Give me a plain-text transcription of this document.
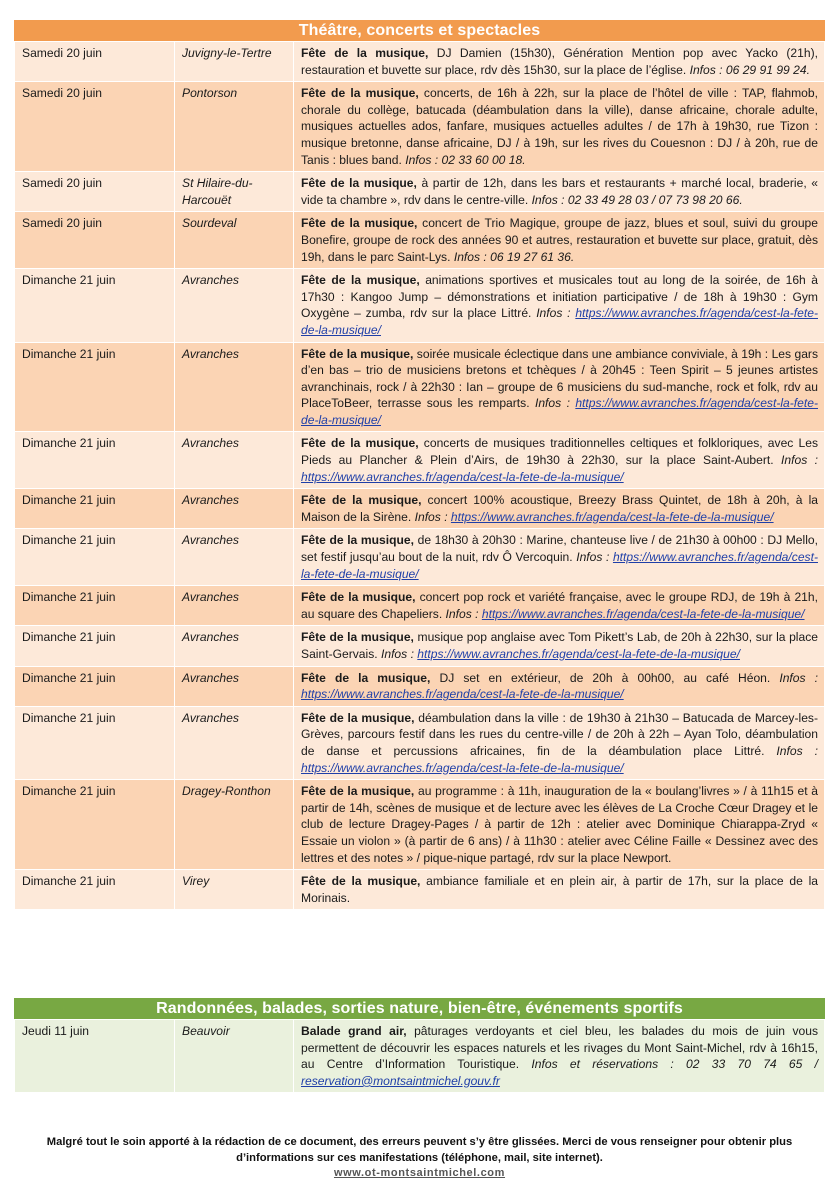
Théâtre, concerts et spectacles
Samedi 20 juin	Juvigny-le-Tertre	Fête de la musique, DJ Damien (15h30), Génération Mention pop avec Yacko (21h), restauration et buvette sur place, rdv dès 15h30, sur la place de l’église. Infos : 06 29 91 99 24.
Samedi 20 juin	Pontorson	Fête de la musique, concerts, de 16h à 22h, sur la place de l’hôtel de ville : TAP, flahmob, chorale du collège, batucada (déambulation dans la ville), danse africaine, chorale adulte, musiques actuelles ados, fanfare, musiques actuelles adultes / de 17h à 19h30, rue Tizon : musique bretonne, danse africaine, DJ / à 19h, sur les rives du Couesnon : DJ / à 20h, rue de Tanis : blues band. Infos : 02 33 60 00 18.
Samedi 20 juin	St Hilaire-du-Harcouët	Fête de la musique, à partir de 12h, dans les bars et restaurants + marché local, braderie, « vide ta chambre », rdv dans le centre-ville. Infos : 02 33 49 28 03 / 07 73 98 20 66.
Samedi 20 juin	Sourdeval	Fête de la musique, concert de Trio Magique, groupe de jazz, blues et soul, suivi du groupe Bonefire, groupe de rock des années 90 et autres, restauration et buvette sur place, gratuit, dès 19h, dans le parc Saint-Lys. Infos : 06 19 27 61 36.
Dimanche 21 juin	Avranches	Fête de la musique, animations sportives et musicales tout au long de la soirée, de 16h à 17h30 : Kangoo Jump – démonstrations et initiation participative / de 18h à 19h30 : Gym Oxygène – zumba, rdv sur la place Littré. Infos : https://www.avranches.fr/agenda/cest-la-fete-de-la-musique/
Dimanche 21 juin	Avranches	Fête de la musique, soirée musicale éclectique dans une ambiance conviviale, à 19h : Les gars d’en bas – trio de musiciens bretons et tchèques / à 20h45 : Teen Spirit – 5 jeunes artistes avranchinais, rock / à 22h30 : Ian – groupe de 6 musiciens du sud-manche, rock et folk, rdv au PlaceToBeer, terrasse sous les remparts. Infos : https://www.avranches.fr/agenda/cest-la-fete-de-la-musique/
Dimanche 21 juin	Avranches	Fête de la musique, concerts de musiques traditionnelles celtiques et folkloriques, avec Les Pieds au Plancher & Plein d’Airs, de 19h30 à 22h30, sur la place Saint-Aubert. Infos : https://www.avranches.fr/agenda/cest-la-fete-de-la-musique/
Dimanche 21 juin	Avranches	Fête de la musique, concert 100% acoustique, Breezy Brass Quintet, de 18h à 20h, à la Maison de la Sirène. Infos : https://www.avranches.fr/agenda/cest-la-fete-de-la-musique/
Dimanche 21 juin	Avranches	Fête de la musique, de 18h30 à 20h30 : Marine, chanteuse live / de 21h30 à 00h00 : DJ Mello, set festif jusqu’au bout de la nuit, rdv Ô Vercoquin. Infos : https://www.avranches.fr/agenda/cest-la-fete-de-la-musique/
Dimanche 21 juin	Avranches	Fête de la musique, concert pop rock et variété française, avec le groupe RDJ, de 19h à 21h, au square des Chapeliers. Infos : https://www.avranches.fr/agenda/cest-la-fete-de-la-musique/
Dimanche 21 juin	Avranches	Fête de la musique, musique pop anglaise avec Tom Pikett’s Lab, de 20h à 22h30, sur la place Saint-Gervais. Infos : https://www.avranches.fr/agenda/cest-la-fete-de-la-musique/
Dimanche 21 juin	Avranches	Fête de la musique, DJ set en extérieur, de 20h à 00h00, au café Héon. Infos : https://www.avranches.fr/agenda/cest-la-fete-de-la-musique/
Dimanche 21 juin	Avranches	Fête de la musique, déambulation dans la ville : de 19h30 à 21h30 – Batucada de Marcey-les-Grèves, parcours festif dans les rues du centre-ville / de 20h à 22h – Ayan Tolo, déambulation de danse et percussions africaines, fin de la déambulation place Littré. Infos : https://www.avranches.fr/agenda/cest-la-fete-de-la-musique/
Dimanche 21 juin	Dragey-Ronthon	Fête de la musique, au programme : à 11h, inauguration de la « boulang’livres » / à 11h15 et à partir de 14h, scènes de musique et de lecture avec les élèves de La Croche Cœur Dragey et le club de lecture Dragey-Pages / à partir de 12h : atelier avec Dominique Chiarappa-Zryd « Essaie un violon » (à partir de 6 ans) / à 11h30 : atelier avec Céline Faille « Dessinez avec des lettres et des notes » / pique-nique partagé, rdv sur la place Newport.
Dimanche 21 juin	Virey	Fête de la musique, ambiance familiale et en plein air, à partir de 17h, sur la place de la Morinais.
Randonnées, balades, sorties nature, bien-être, événements sportifs
Jeudi 11 juin	Beauvoir	Balade grand air, pâturages verdoyants et ciel bleu, les balades du mois de juin vous permettent de découvrir les espaces naturels et les rivages du Mont Saint-Michel, rdv à 16h15, au Centre d’Information Touristique. Infos et réservations : 02 33 70 74 65 / reservation@montsaintmichel.gouv.fr
Malgré tout le soin apporté à la rédaction de ce document, des erreurs peuvent s’y être glissées. Merci de vous renseigner pour obtenir plus d’informations sur ces manifestations (téléphone, mail, site internet).
www.ot-montsaintmichel.com
